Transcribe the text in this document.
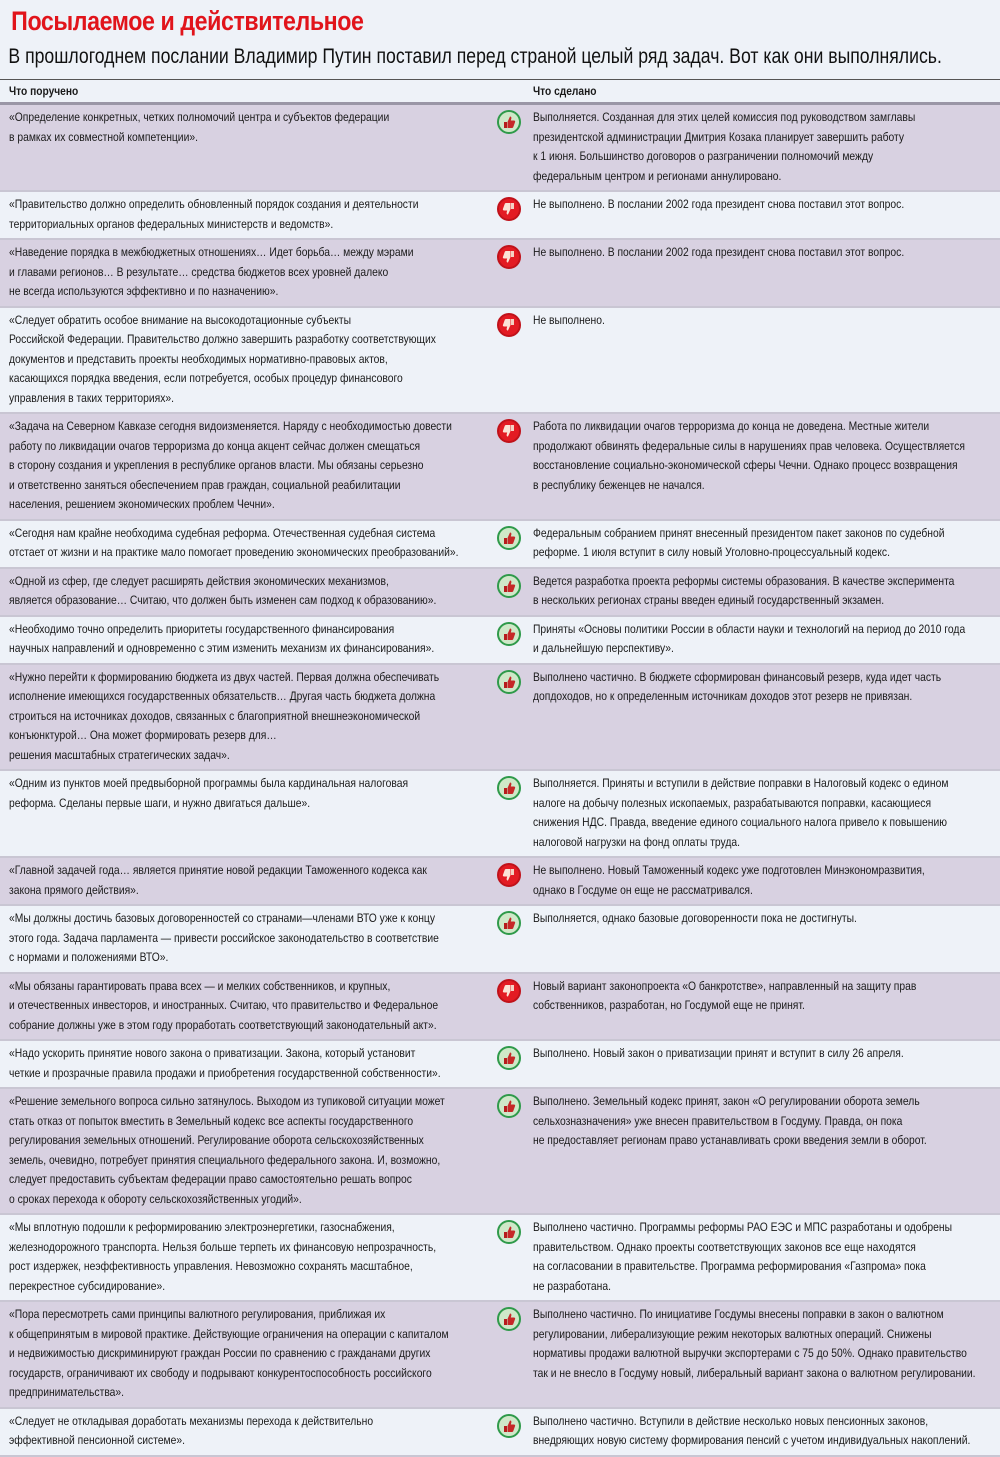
Посылаемое и действительное

В прошлогоднем послании Владимир Путин поставил перед страной целый ряд задач. Вот как они выполнялись.

Что поручено	Что сделано
«Определение конкретных, четких полномочий центра и субъектов федерации
в рамках их совместной компетенции».
Выполняется. Созданная для этих целей комиссия под руководством замглавы
президентской администрации Дмитрия Козака планирует завершить работу
к 1 июня. Большинство договоров о разграничении полномочий между
федеральным центром и регионами аннулировано.
«Правительство должно определить обновленный порядок создания и деятельности
территориальных органов федеральных министерств и ведомств».
Не выполнено. В послании 2002 года президент снова поставил этот вопрос.
«Наведение порядка в межбюджетных отношениях… Идет борьба… между мэрами
и главами регионов… В результате… средства бюджетов всех уровней далеко
не всегда используются эффективно и по назначению».
Не выполнено. В послании 2002 года президент снова поставил этот вопрос.
«Следует обратить особое внимание на высокодотационные субъекты
Российской Федерации. Правительство должно завершить разработку соответствующих
документов и представить проекты необходимых нормативно-правовых актов,
касающихся порядка введения, если потребуется, особых процедур финансового
управления в таких территориях».
Не выполнено.
«Задача на Северном Кавказе сегодня видоизменяется. Наряду с необходимостью довести
работу по ликвидации очагов терроризма до конца акцент сейчас должен смещаться
в сторону создания и укрепления в республике органов власти. Мы обязаны серьезно
и ответственно заняться обеспечением прав граждан, социальной реабилитации
населения, решением экономических проблем Чечни».
Работа по ликвидации очагов терроризма до конца не доведена. Местные жители
продолжают обвинять федеральные силы в нарушениях прав человека. Осуществляется
восстановление социально-экономической сферы Чечни. Однако процесс возвращения
в республику беженцев не начался.
«Сегодня нам крайне необходима судебная реформа. Отечественная судебная система
отстает от жизни и на практике мало помогает проведению экономических преобразований».
Федеральным собранием принят внесенный президентом пакет законов по судебной
реформе. 1 июля вступит в силу новый Уголовно-процессуальный кодекс.
«Одной из сфер, где следует расширять действия экономических механизмов,
является образование… Считаю, что должен быть изменен сам подход к образованию».
Ведется разработка проекта реформы системы образования. В качестве эксперимента
в нескольких регионах страны введен единый государственный экзамен.
«Необходимо точно определить приоритеты государственного финансирования
научных направлений и одновременно с этим изменить механизм их финансирования».
Приняты «Основы политики России в области науки и технологий на период до 2010 года
и дальнейшую перспективу».
«Нужно перейти к формированию бюджета из двух частей. Первая должна обеспечивать
исполнение имеющихся государственных обязательств… Другая часть бюджета должна
строиться на источниках доходов, связанных с благоприятной внешнеэкономической
конъюнктурой… Она может формировать резерв для…
решения масштабных стратегических задач».
Выполнено частично. В бюджете сформирован финансовый резерв, куда идет часть
допдоходов, но к определенным источникам доходов этот резерв не привязан.
«Одним из пунктов моей предвыборной программы была кардинальная налоговая
реформа. Сделаны первые шаги, и нужно двигаться дальше».
Выполняется. Приняты и вступили в действие поправки в Налоговый кодекс о едином
налоге на добычу полезных ископаемых, разрабатываются поправки, касающиеся
снижения НДС. Правда, введение единого социального налога привело к повышению
налоговой нагрузки на фонд оплаты труда.
«Главной задачей года… является принятие новой редакции Таможенного кодекса как
закона прямого действия».
Не выполнено. Новый Таможенный кодекс уже подготовлен Минэкономразвития,
однако в Госдуме он еще не рассматривался.
«Мы должны достичь базовых договоренностей со странами—членами ВТО уже к концу
этого года. Задача парламента — привести российское законодательство в соответствие
с нормами и положениями ВТО».
Выполняется, однако базовые договоренности пока не достигнуты.
«Мы обязаны гарантировать права всех — и мелких собственников, и крупных,
и отечественных инвесторов, и иностранных. Считаю, что правительство и Федеральное
собрание должны уже в этом году проработать соответствующий законодательный акт».
Новый вариант законопроекта «О банкротстве», направленный на защиту прав
собственников, разработан, но Госдумой еще не принят.
«Надо ускорить принятие нового закона о приватизации. Закона, который установит
четкие и прозрачные правила продажи и приобретения государственной собственности».
Выполнено. Новый закон о приватизации принят и вступит в силу 26 апреля.
«Решение земельного вопроса сильно затянулось. Выходом из тупиковой ситуации может
стать отказ от попыток вместить в Земельный кодекс все аспекты государственного
регулирования земельных отношений. Регулирование оборота сельскохозяйственных
земель, очевидно, потребует принятия специального федерального закона. И, возможно,
следует предоставить субъектам федерации право самостоятельно решать вопрос
о сроках перехода к обороту сельскохозяйственных угодий».
Выполнено. Земельный кодекс принят, закон «О регулировании оборота земель
сельхозназначения» уже внесен правительством в Госдуму. Правда, он пока
не предоставляет регионам право устанавливать сроки введения земли в оборот.
«Мы вплотную подошли к реформированию электроэнергетики, газоснабжения,
железнодорожного транспорта. Нельзя больше терпеть их финансовую непрозрачность,
рост издержек, неэффективность управления. Невозможно сохранять масштабное,
перекрестное субсидирование».
Выполнено частично. Программы реформы РАО ЕЭС и МПС разработаны и одобрены
правительством. Однако проекты соответствующих законов все еще находятся
на согласовании в правительстве. Программа реформирования «Газпрома» пока
не разработана.
«Пора пересмотреть сами принципы валютного регулирования, приближая их
к общепринятым в мировой практике. Действующие ограничения на операции с капиталом
и недвижимостью дискриминируют граждан России по сравнению с гражданами других
государств, ограничивают их свободу и подрывают конкурентоспособность российского
предпринимательства».
Выполнено частично. По инициативе Госдумы внесены поправки в закон о валютном
регулировании, либерализующие режим некоторых валютных операций. Снижены
нормативы продажи валютной выручки экспортерами с 75 до 50%. Однако правительство
так и не внесло в Госдуму новый, либеральный вариант закона о валютном регулировании.
«Следует не откладывая доработать механизмы перехода к действительно
эффективной пенсионной системе».
Выполнено частично. Вступили в действие несколько новых пенсионных законов,
внедряющих новую систему формирования пенсий с учетом индивидуальных накоплений.
